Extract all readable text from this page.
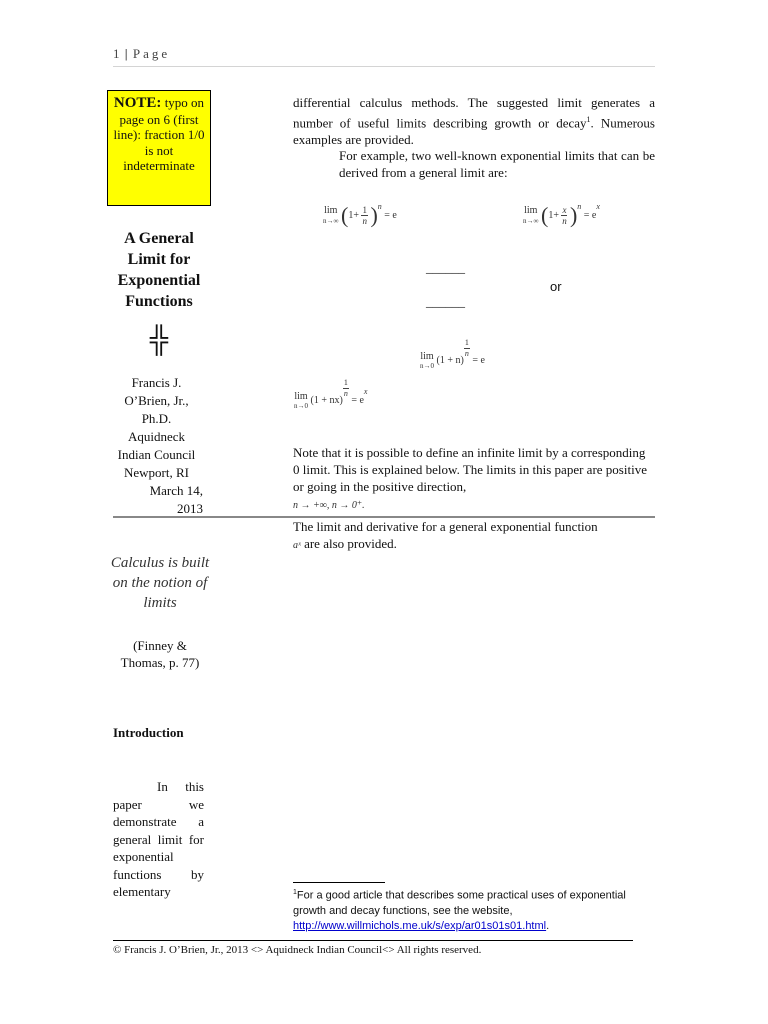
1 | Page
NOTE: typo on page on 6 (first line): fraction 1/0 is not indeterminate
A General Limit for Exponential Functions
╬
Francis J. O’Brien, Jr., Ph.D.
Aquidneck Indian Council
Newport, RI
March 14,
2013
Calculus is built on the notion of limits
(Finney & Thomas, p. 77)
Introduction
In this paper we demonstrate a general limit for exponential functions by elementary
differential calculus methods. The suggested limit generates a number of useful limits describing growth or decay$^1$. Numerous examples are provided.
For example, two well-known exponential limits that can be derived from a general limit are:
lim
n→∞ $(1+ \frac{1}{n} )^n = e$	lim
n→∞ $(1+ \frac{x}{n} )^n = e^x$
______
or
______
lim
n→0 (1 + n)
$\frac{1}{n}$
= e
lim
n→0 (1 + nx)
$\frac{1}{n}$
= $e^x$
Note that it is possible to define an infinite limit by a corresponding 0 limit. This is explained below. The limits in this paper are positive or going in the positive direction,
n → +∞, n → 0⁺.
The limit and derivative for a general exponential function
aˣ are also provided.
$^1$For a good article that describes some practical uses of exponential growth and decay functions, see the website, http://www.willmichols.me.uk/s/exp/ar01s01s01.html.
© Francis J. O’Brien, Jr., 2013 <> Aquidneck Indian Council<> All rights reserved.
